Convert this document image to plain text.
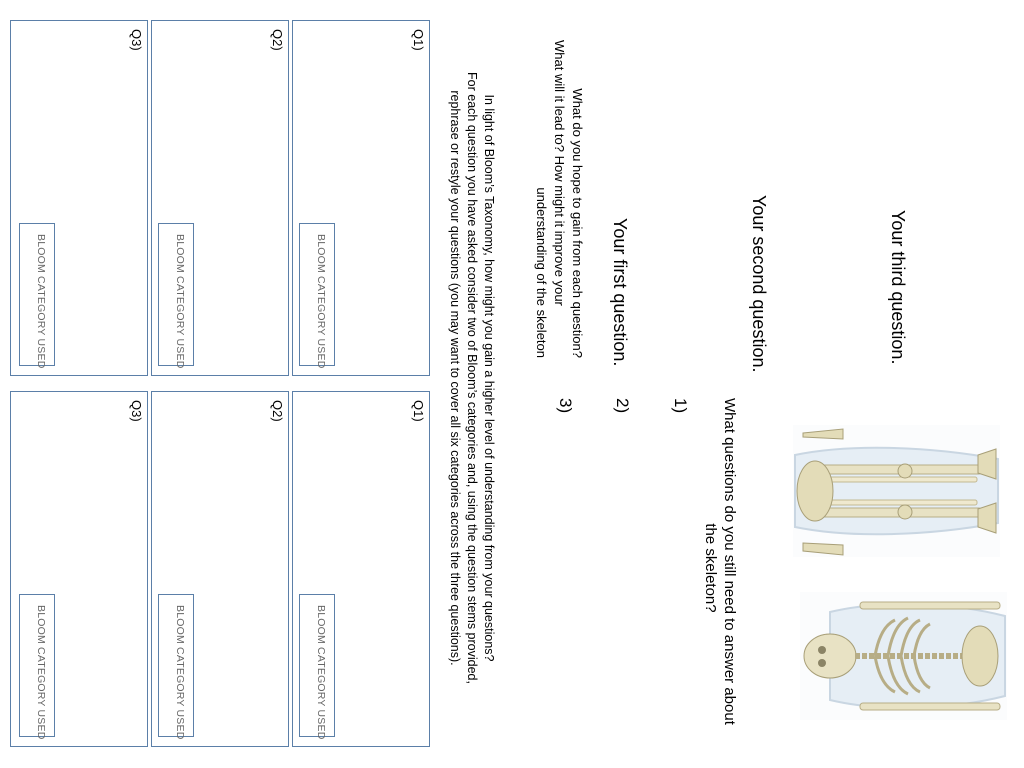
What questions do you still need to answer about
the skeleton?
1)
2)
3)
Your third question.
Your second question.
Your first question.
What do you hope to gain from each question?
What will it lead to? How might it improve your
understanding of the skeleton
In light of Bloom’s Taxonomy, how might you gain a higher level of understanding from your questions?
For each question you have asked consider two of Bloom’s categories and, using the question stems provided,
rephrase or restyle your questions (you may want to cover all six categories across the three questions).
Q1)
BLOOM CATEGORY USED
Q2)
BLOOM CATEGORY USED
Q3)
BLOOM CATEGORY USED
Q1)
BLOOM CATEGORY USED
Q2)
BLOOM CATEGORY USED
Q3)
BLOOM CATEGORY USED
